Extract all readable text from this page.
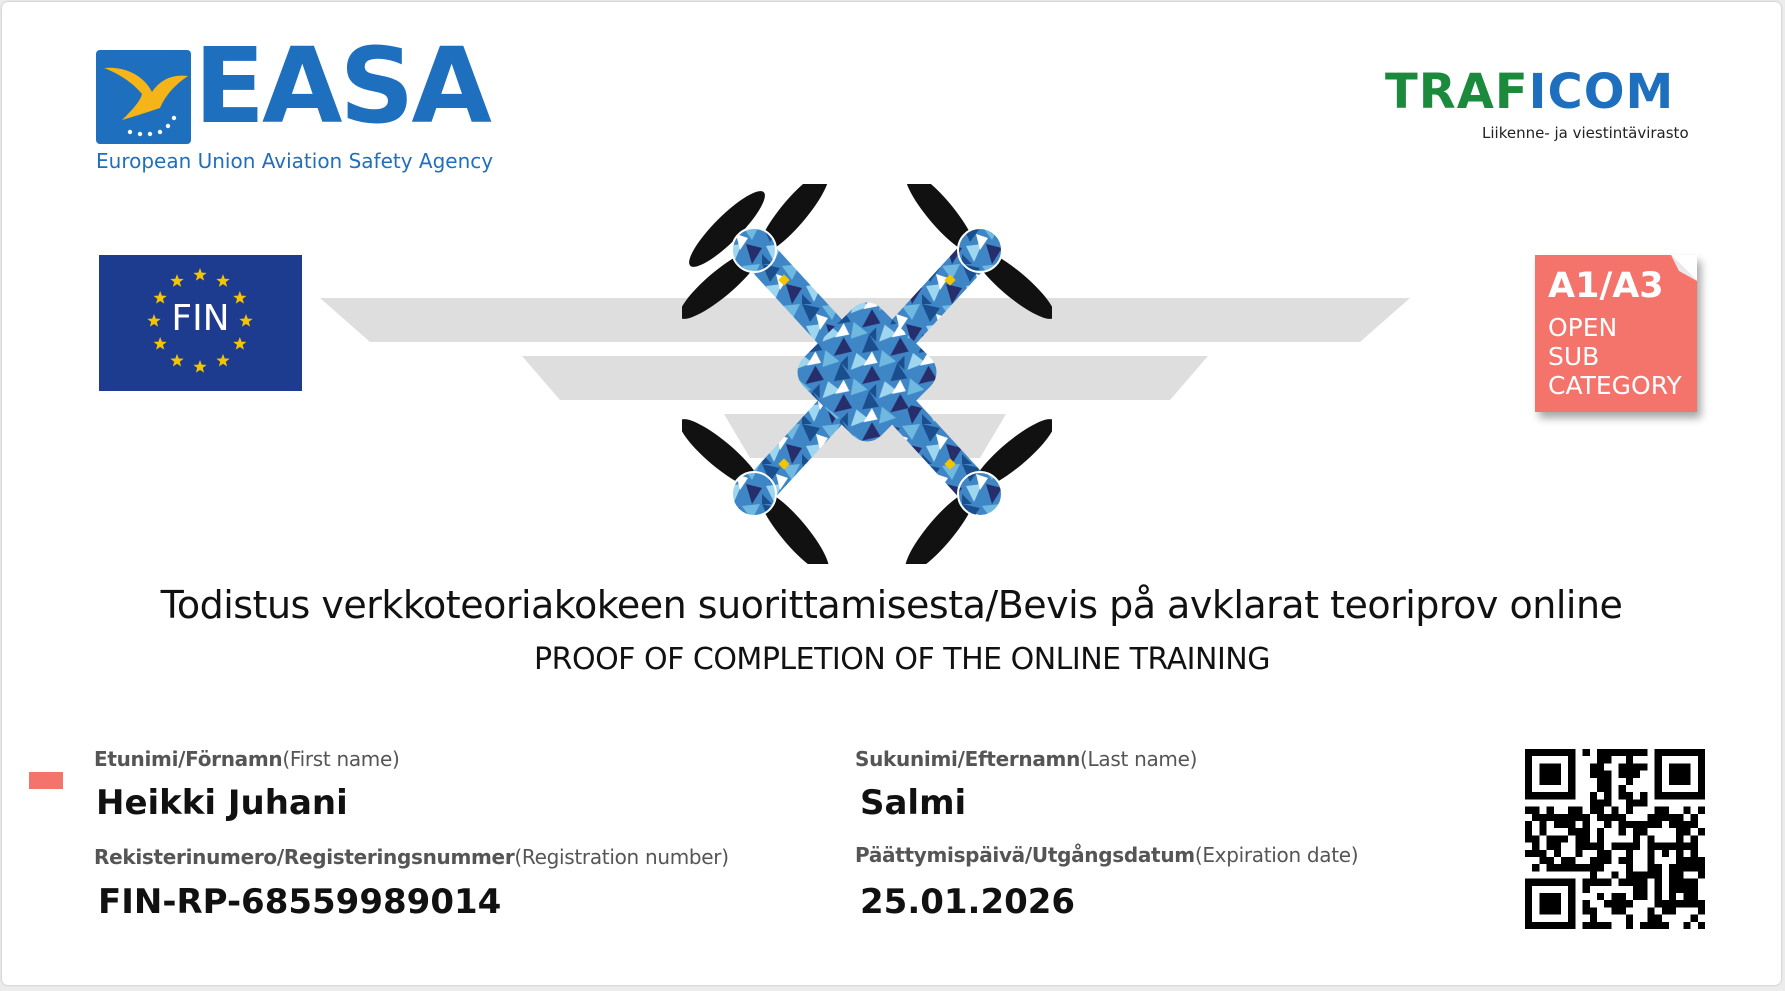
EASA
European Union Aviation Safety Agency
TRAFICOM
Liikenne- ja viestintävirasto
FIN
A1/A3
OPEN
SUB
CATEGORY
Todistus verkkoteoriakokeen suorittamisesta/Bevis på avklarat teoriprov online
PROOF OF COMPLETION OF THE ONLINE TRAINING
Etunimi/Förnamn(First name)
Heikki Juhani
Rekisterinumero/Registeringsnummer(Registration number)
FIN-RP-68559989014
Sukunimi/Efternamn(Last name)
Salmi
Päättymispäivä/Utgångsdatum(Expiration date)
25.01.2026
